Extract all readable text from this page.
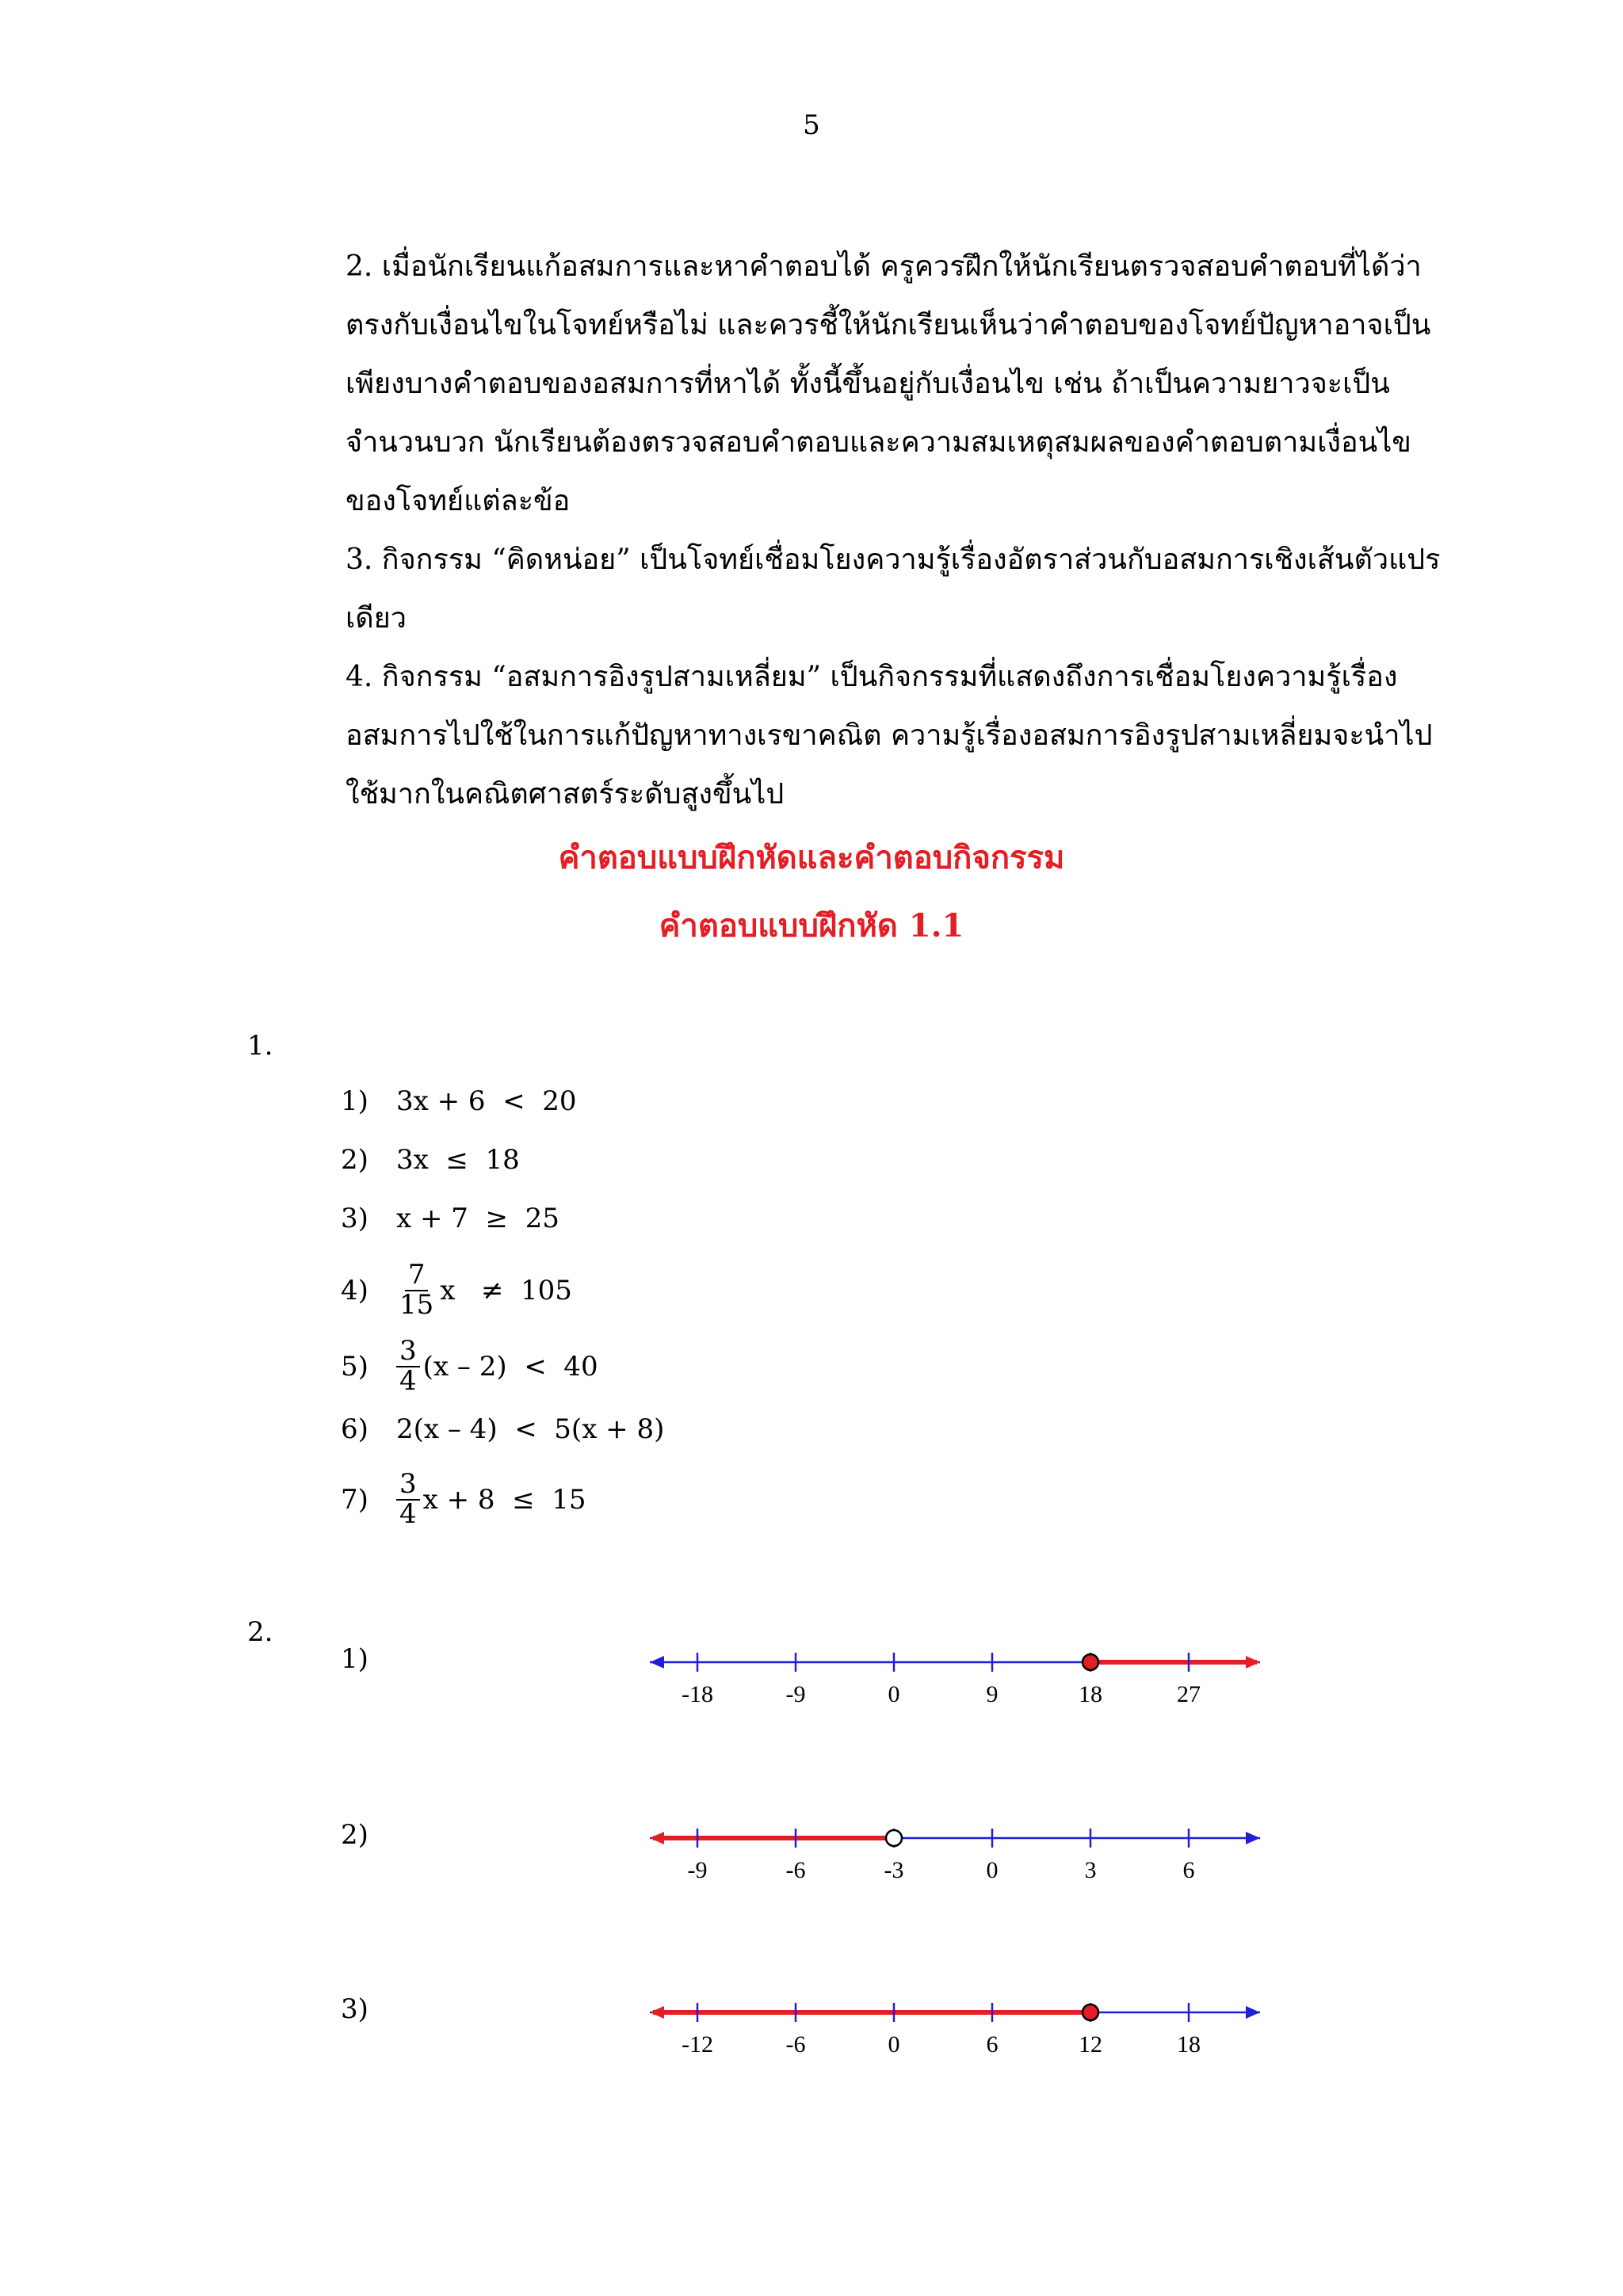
5

2. เมื่อนักเรียนแก้อสมการและหาคำตอบได้ ครูควรฝึกให้นักเรียนตรวจสอบคำตอบที่ได้ว่าตรงกับเงื่อนไขในโจทย์หรือไม่ และควรชี้ให้นักเรียนเห็นว่าคำตอบของโจทย์ปัญหาอาจเป็นเพียงบางคำตอบของอสมการที่หาได้ ทั้งนี้ขึ้นอยู่กับเงื่อนไข เช่น ถ้าเป็นความยาวจะเป็นจำนวนบวก นักเรียนต้องตรวจสอบคำตอบและความสมเหตุสมผลของคำตอบตามเงื่อนไขของโจทย์แต่ละข้อ

3. กิจกรรม “คิดหน่อย” เป็นโจทย์เชื่อมโยงความรู้เรื่องอัตราส่วนกับอสมการเชิงเส้นตัวแปรเดียว

4. กิจกรรม “อสมการอิงรูปสามเหลี่ยม” เป็นกิจกรรมที่แสดงถึงการเชื่อมโยงความรู้เรื่องอสมการไปใช้ในการแก้ปัญหาทางเรขาคณิต ความรู้เรื่องอสมการอิงรูปสามเหลี่ยมจะนำไปใช้มากในคณิตศาสตร์ระดับสูงขึ้นไป

คำตอบแบบฝึกหัดและคำตอบกิจกรรม

คำตอบแบบฝึกหัด 1.1

1.
1)	3x + 6  <  20
2)	3x  ≤  18
3)	x + 7  ≥  25
4)	$\frac{7}{15}$ x   ≠  105
5)	$\frac{3}{4} (x - 2) < 40$
6)	2(x – 4)  <  5(x + 8)
7)	$\frac{3}{4}$ x + 8  ≤  15
2.
1)
-18	-9	0	9	18	27
2)
-9	-6	-3	0	3	6
3)
-12	-6	0	6	12	18
